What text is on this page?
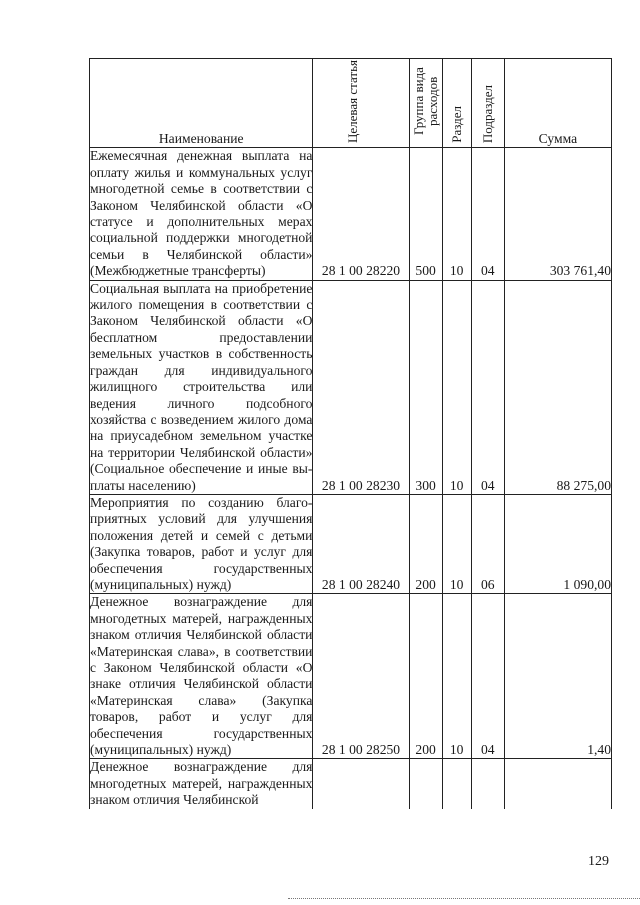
Наименование	Целевая статья	Группа вида расходов	Раздел	Подраздел	Сумма
Ежемесячная денежная выплата на оплату жилья и коммунальных услуг многодетной семье в соответствии с Законом Челябинской области «О статусе и дополнительных мерах социальной поддержки многодетной семьи в Челябинской области» (Межбюджетные трансферты)	28 1 00 28220	500	10	04	303 761,40
Социальная выплата на приобретение жилого помещения в соответствии с Законом Челябинской области «О бесплатном предоставлении земельных участков в собственность граждан для индивидуального жилищного строительства или ведения личного подсобного хозяйства с возведением жилого дома на приусадебном земельном участке на территории Челябинской области» (Социальное обеспечение и иные выплаты населению)	28 1 00 28230	300	10	04	88 275,00
Мероприятия по созданию благоприятных условий для улучшения положения детей и семей с детьми (Закупка товаров, работ и услуг для обеспечения государственных (муниципальных) нужд)	28 1 00 28240	200	10	06	1 090,00
Денежное вознаграждение для многодетных матерей, награжденных знаком отличия Челябинской области «Материнская слава», в соответствии с Законом Челябинской области «О знаке отличия Челябинской области «Материнская слава» (Закупка товаров, работ и услуг для обеспечения государственных (муниципальных) нужд)	28 1 00 28250	200	10	04	1,40
Денежное вознаграждение для многодетных матерей, награжденных знаком отличия Челябинской					
129
